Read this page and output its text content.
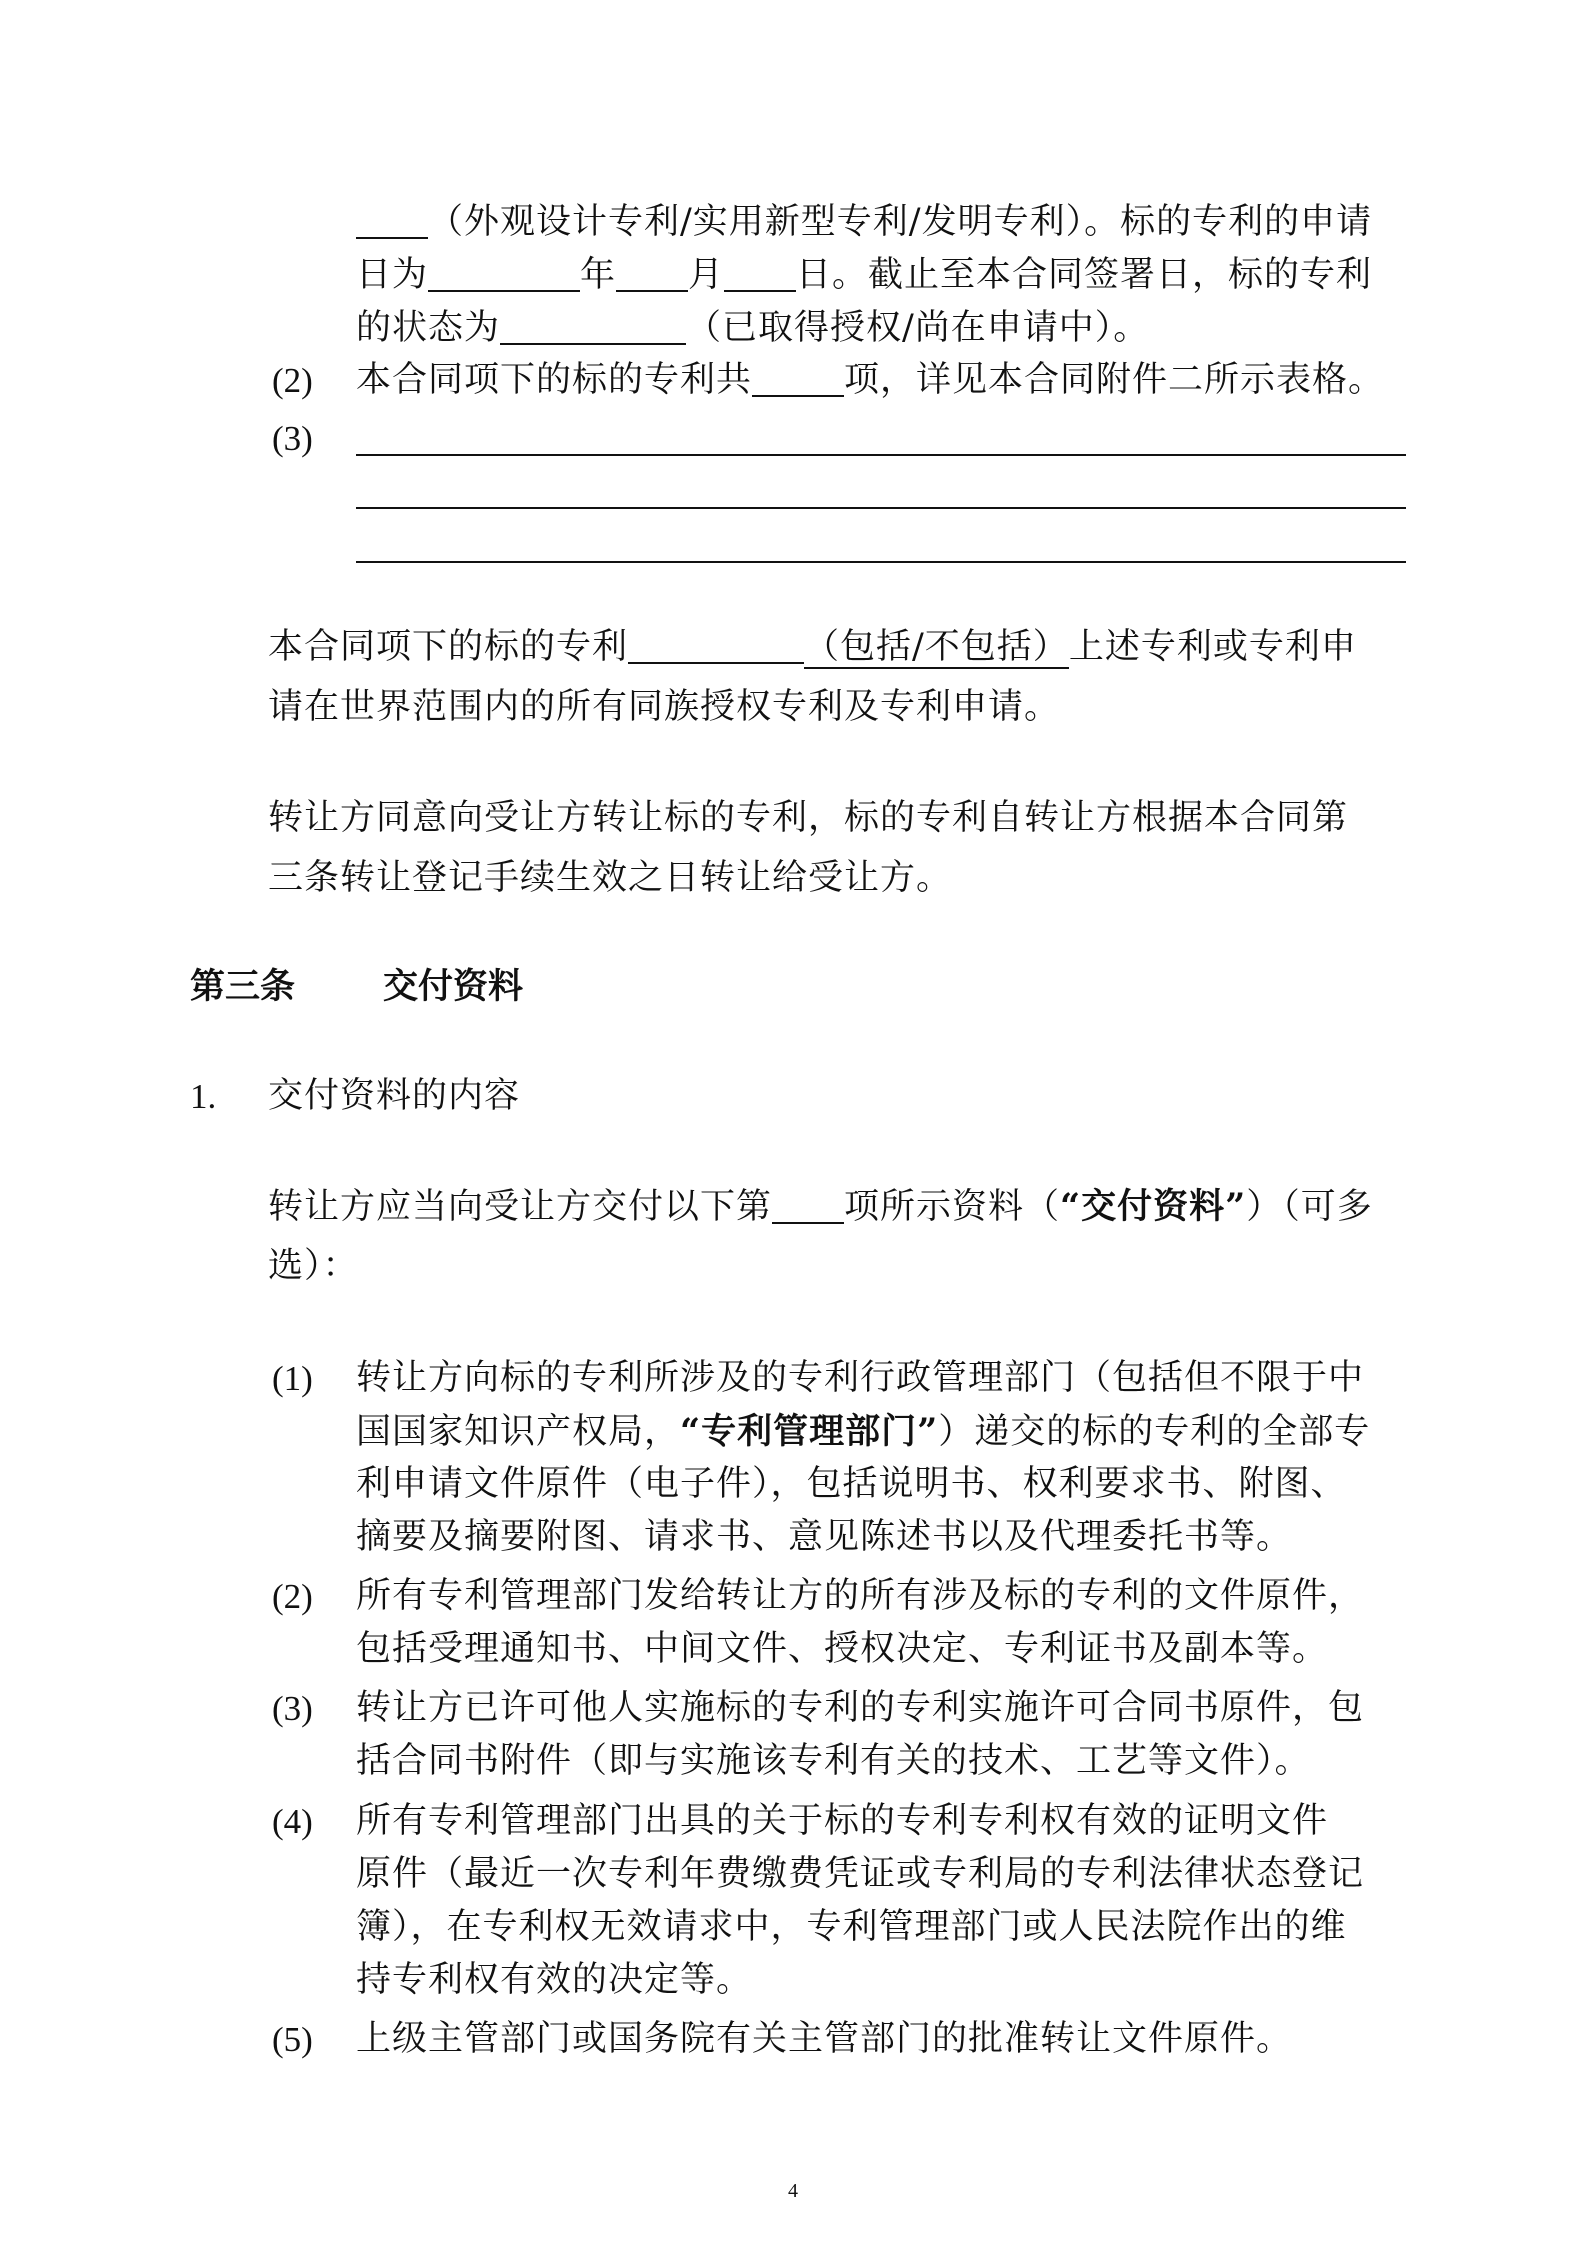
（外观设计专利/实用新型专利/发明专利）。标的专利的申请
日为	年 月 日。截止至本合同签署日，标的专利
的状态为	（已取得授权/尚在申请中）。
(2) 本合同项下的标的专利共	项，详见本合同附件二所示表格。
(3)
本合同项下的标的专利	（包括/不包括）上述专利或专利申
请在世界范围内的所有同族授权专利及专利申请。
转让方同意向受让方转让标的专利，标的专利自转让方根据本合同第
三条转让登记手续生效之日转让给受让方。
第三条	交付资料
1. 交付资料的内容
转让方应当向受让方交付以下第 项所示资料（“交付资料”）（可多
选）：
(1) 转让方向标的专利所涉及的专利行政管理部门（包括但不限于中
国国家知识产权局，“专利管理部门”）递交的标的专利的全部专
利申请文件原件（电子件），包括说明书、权利要求书、附图、
摘要及摘要附图、请求书、意见陈述书以及代理委托书等。
(2) 所有专利管理部门发给转让方的所有涉及标的专利的文件原件，
包括受理通知书、中间文件、授权决定、专利证书及副本等。
(3) 转让方已许可他人实施标的专利的专利实施许可合同书原件，包
括合同书附件（即与实施该专利有关的技术、工艺等文件）。
(4) 所有专利管理部门出具的关于标的专利专利权有效的证明文件
原件（最近一次专利年费缴费凭证或专利局的专利法律状态登记
簿），在专利权无效请求中，专利管理部门或人民法院作出的维
持专利权有效的决定等。
(5) 上级主管部门或国务院有关主管部门的批准转让文件原件。
4
